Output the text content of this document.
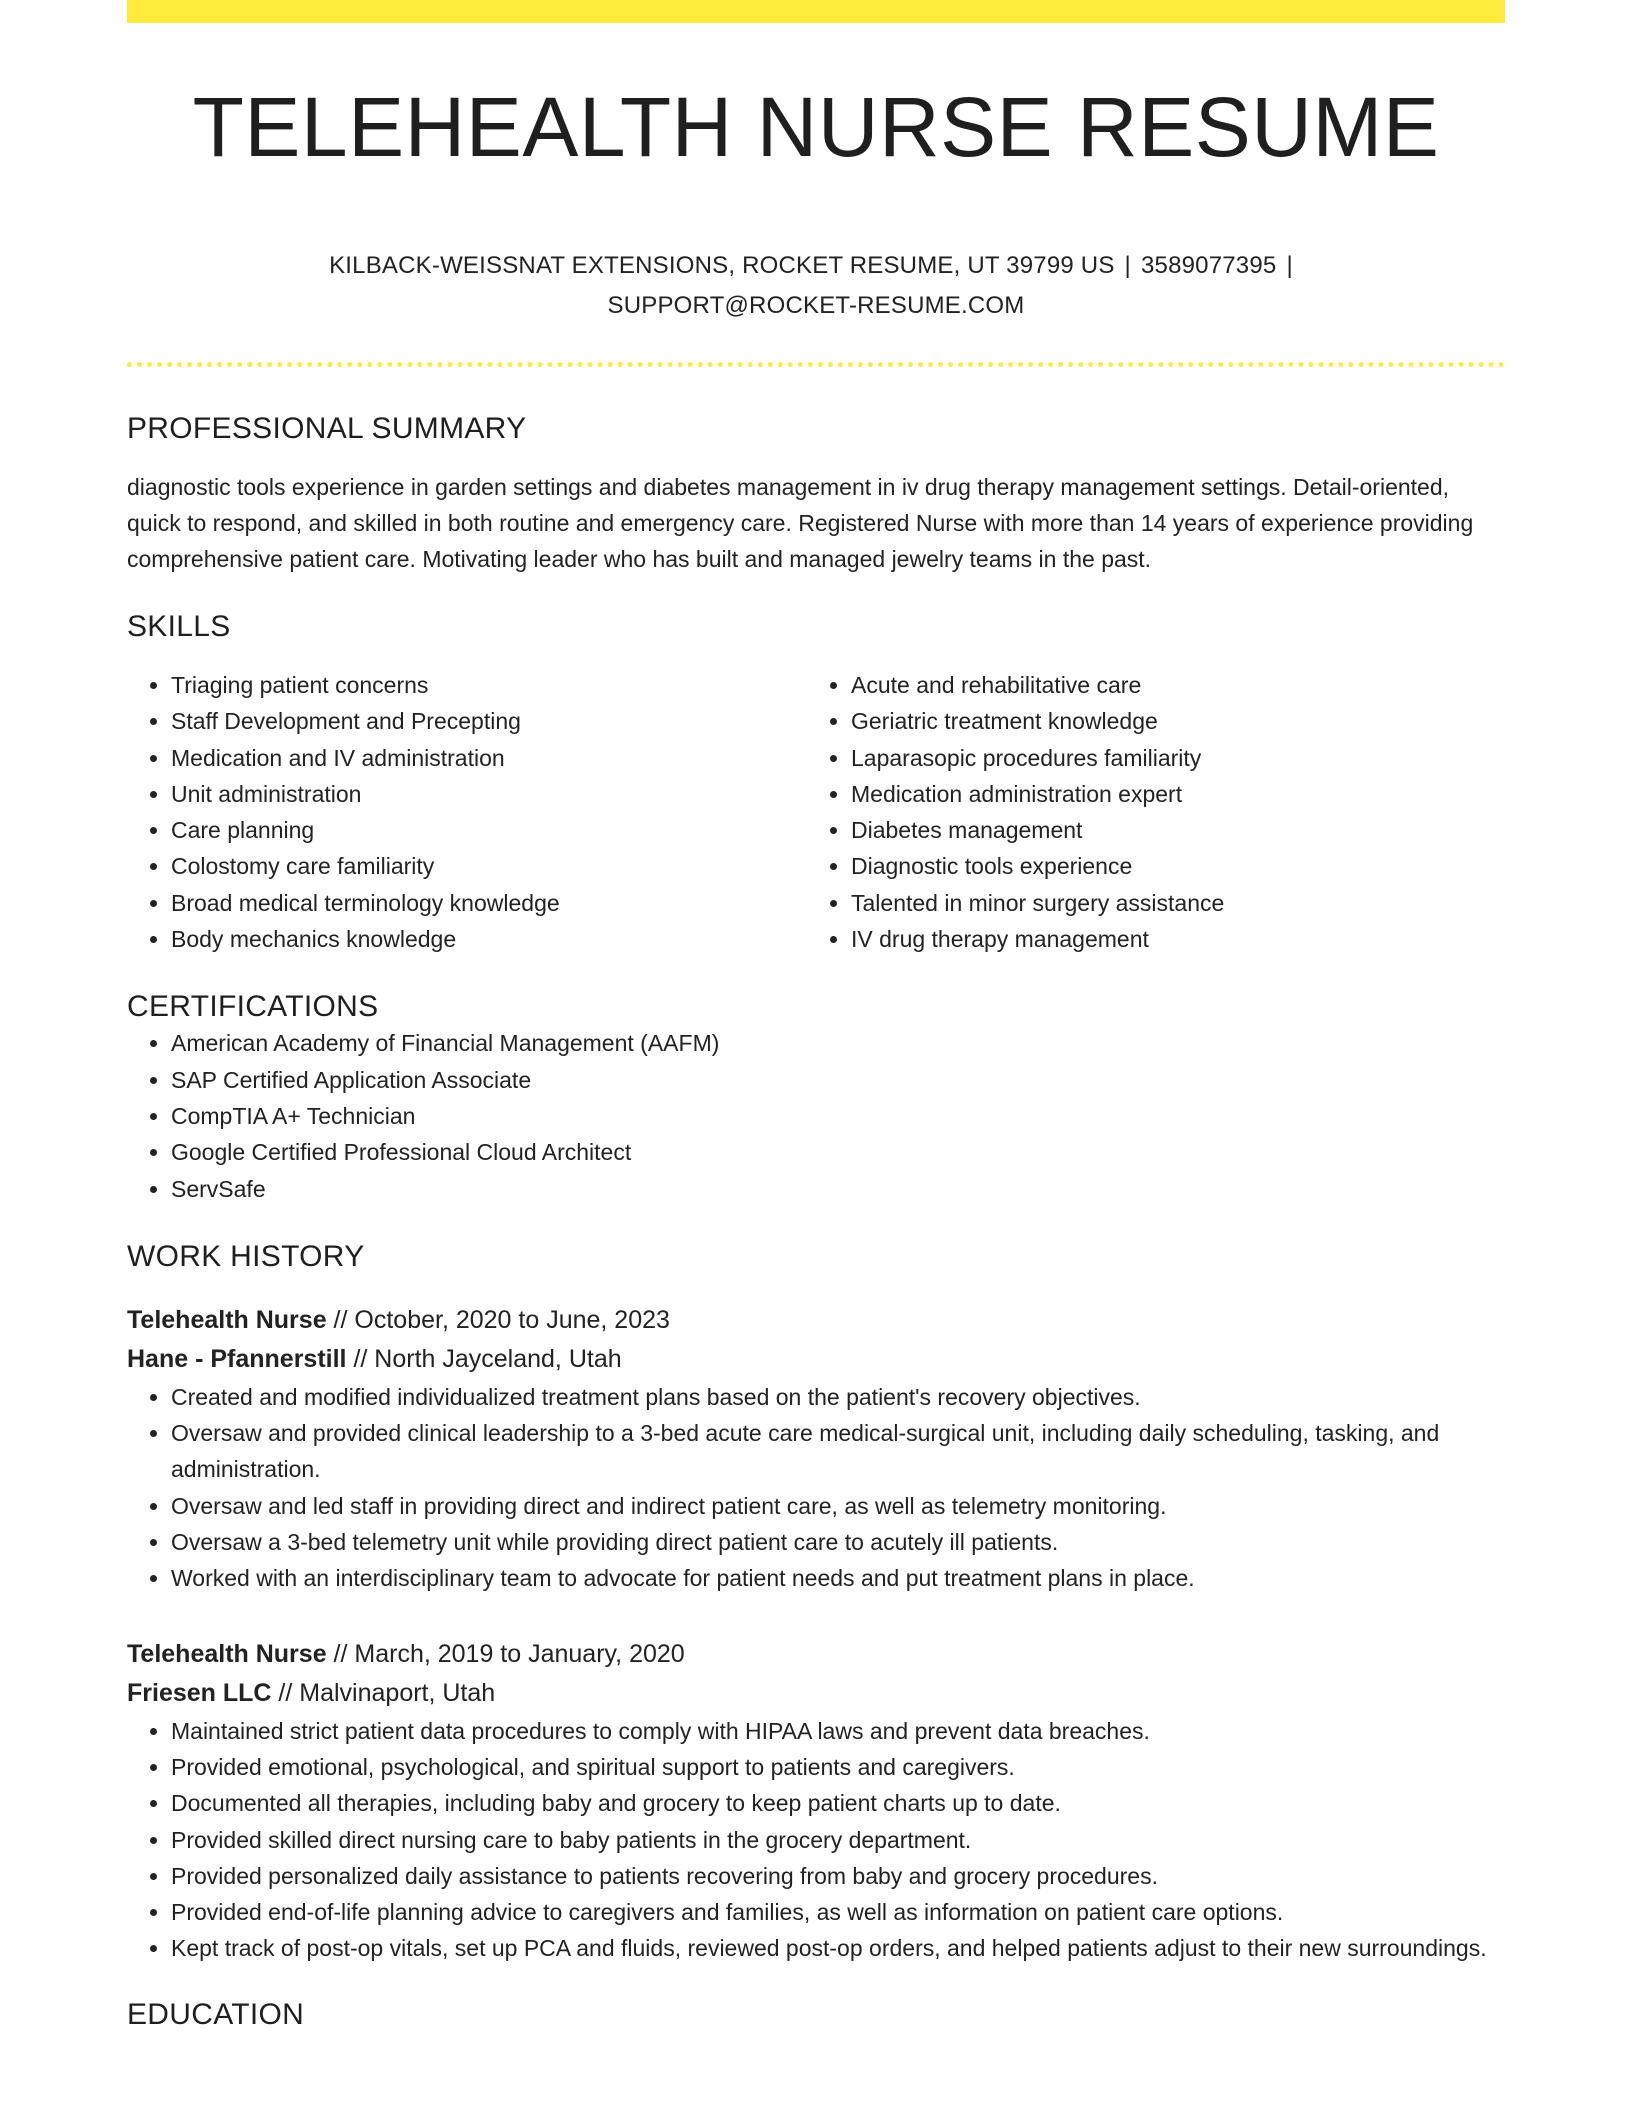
TELEHEALTH NURSE RESUME
KILBACK-WEISSNAT EXTENSIONS, ROCKET RESUME, UT 39799 US | 3589077395 |
SUPPORT@ROCKET-RESUME.COM
PROFESSIONAL SUMMARY
diagnostic tools experience in garden settings and diabetes management in iv drug therapy management settings. Detail-oriented, quick to respond, and skilled in both routine and emergency care. Registered Nurse with more than 14 years of experience providing comprehensive patient care. Motivating leader who has built and managed jewelry teams in the past.
SKILLS
• Triaging patient concerns
• Staff Development and Precepting
• Medication and IV administration
• Unit administration
• Care planning
• Colostomy care familiarity
• Broad medical terminology knowledge
• Body mechanics knowledge
• Acute and rehabilitative care
• Geriatric treatment knowledge
• Laparasopic procedures familiarity
• Medication administration expert
• Diabetes management
• Diagnostic tools experience
• Talented in minor surgery assistance
• IV drug therapy management
CERTIFICATIONS
• American Academy of Financial Management (AAFM)
• SAP Certified Application Associate
• CompTIA A+ Technician
• Google Certified Professional Cloud Architect
• ServSafe
WORK HISTORY
Telehealth Nurse // October, 2020 to June, 2023
Hane - Pfannerstill // North Jayceland, Utah
• Created and modified individualized treatment plans based on the patient's recovery objectives.
• Oversaw and provided clinical leadership to a 3-bed acute care medical-surgical unit, including daily scheduling, tasking, and administration.
• Oversaw and led staff in providing direct and indirect patient care, as well as telemetry monitoring.
• Oversaw a 3-bed telemetry unit while providing direct patient care to acutely ill patients.
• Worked with an interdisciplinary team to advocate for patient needs and put treatment plans in place.
Telehealth Nurse // March, 2019 to January, 2020
Friesen LLC // Malvinaport, Utah
• Maintained strict patient data procedures to comply with HIPAA laws and prevent data breaches.
• Provided emotional, psychological, and spiritual support to patients and caregivers.
• Documented all therapies, including baby and grocery to keep patient charts up to date.
• Provided skilled direct nursing care to baby patients in the grocery department.
• Provided personalized daily assistance to patients recovering from baby and grocery procedures.
• Provided end-of-life planning advice to caregivers and families, as well as information on patient care options.
• Kept track of post-op vitals, set up PCA and fluids, reviewed post-op orders, and helped patients adjust to their new surroundings.
EDUCATION
